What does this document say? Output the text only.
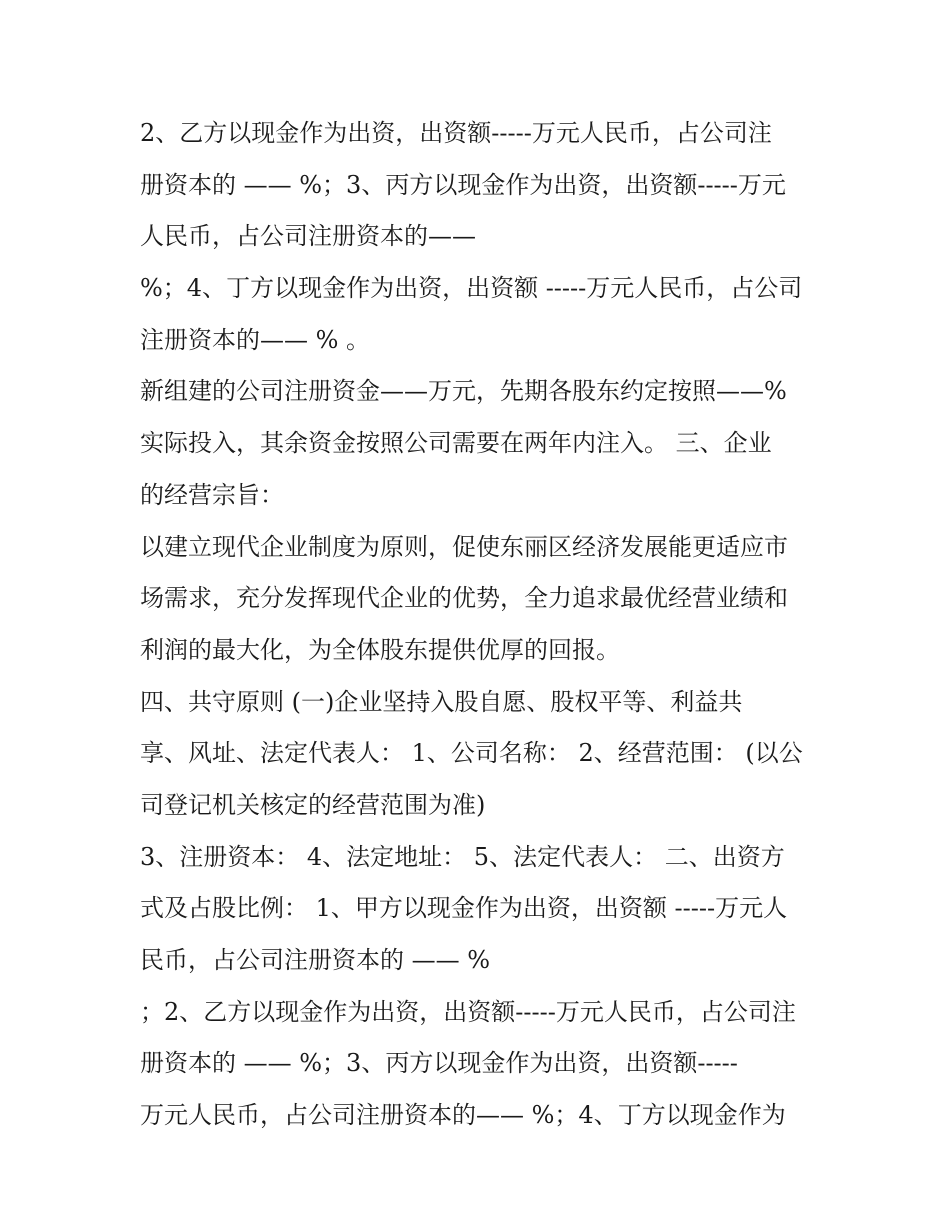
2、乙方以现金作为出资，出资额-----万元人民币，占公司注
册资本的 —— %；3、丙方以现金作为出资，出资额-----万元
人民币，占公司注册资本的——
%；4、丁方以现金作为出资，出资额 -----万元人民币，占公司
注册资本的—— % 。
新组建的公司注册资金——万元，先期各股东约定按照——%
实际投入，其余资金按照公司需要在两年内注入。 三、企业
的经营宗旨：
以建立现代企业制度为原则，促使东丽区经济发展能更适应市
场需求，充分发挥现代企业的优势，全力追求最优经营业绩和
利润的最大化，为全体股东提供优厚的回报。
四、共守原则 (一)企业坚持入股自愿、股权平等、利益共
享、风址、法定代表人： 1、公司名称： 2、经营范围： (以公
司登记机关核定的经营范围为准)
3、注册资本： 4、法定地址： 5、法定代表人： 二、出资方
式及占股比例： 1、甲方以现金作为出资，出资额 -----万元人
民币，占公司注册资本的 —— %
；2、乙方以现金作为出资，出资额-----万元人民币，占公司注
册资本的 —— %；3、丙方以现金作为出资，出资额-----
万元人民币，占公司注册资本的—— %；4、丁方以现金作为
